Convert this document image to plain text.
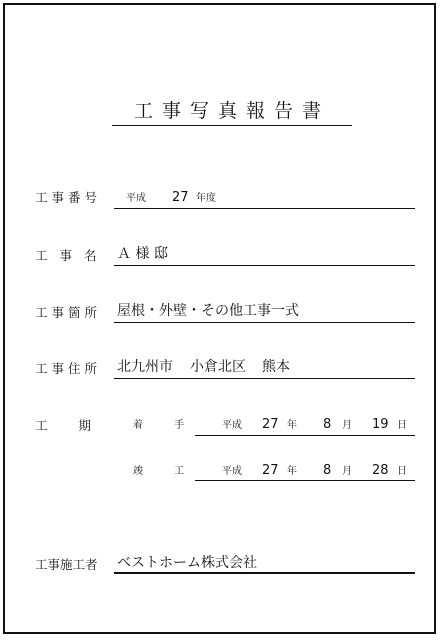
工事写真報告書
工事番号 平成 27 年度
工 事 名 Ａ 様 邸
工事箇所 屋根・外壁・その他工事一式
工事住所 北九州市 小倉北区 熊本
工　　期	着 手 平成 27 年 8 月 19 日
竣 工 平成 27 年 8 月 28 日
工事施工者 ベストホーム株式会社
